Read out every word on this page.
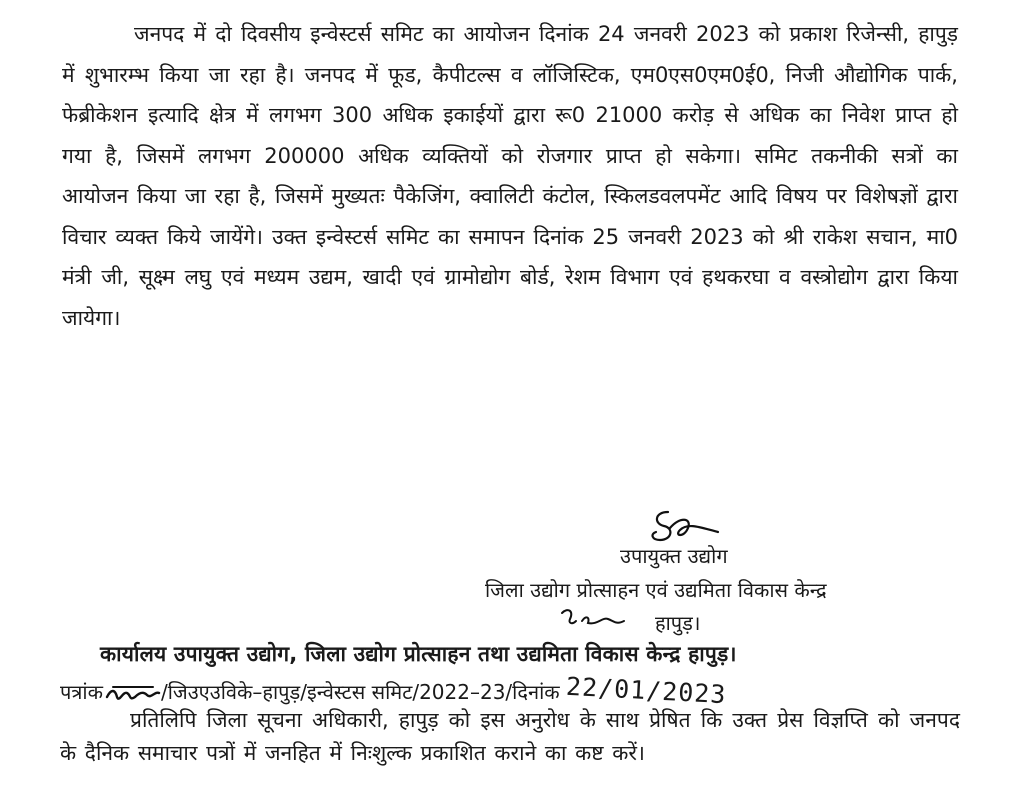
जनपद में दो दिवसीय इन्वेस्टर्स समिट का आयोजन दिनांक 24 जनवरी 2023 को प्रकाश रिजेन्सी, हापुड़ में शुभारम्भ किया जा रहा है। जनपद में फूड, कैपीटल्स व लॉजिस्टिक, एम0एस0एम0ई0, निजी औद्योगिक पार्क, फेब्रीकेशन इत्यादि क्षेत्र में लगभग 300 अधिक इकाईयों द्वारा रू0 21000 करोड़ से अधिक का निवेश प्राप्त हो गया है, जिसमें लगभग 200000 अधिक व्यक्तियों को रोजगार प्राप्त हो सकेगा। समिट तकनीकी सत्रों का आयोजन किया जा रहा है, जिसमें मुख्यतः पैकेजिंग, क्वालिटी कंटोल, स्किलडवलपमेंट आदि विषय पर विशेषज्ञों द्वारा विचार व्यक्त किये जायेंगे। उक्त इन्वेस्टर्स समिट का समापन दिनांक 25 जनवरी 2023 को श्री राकेश सचान, मा0 मंत्री जी, सूक्ष्म लघु एवं मध्यम उद्यम, खादी एवं ग्रामोद्योग बोर्ड, रेशम विभाग एवं हथकरघा व वस्त्रोद्योग द्वारा किया जायेगा।

उपायुक्त उद्योग
जिला उद्योग प्रोत्साहन एवं उद्यमिता विकास केन्द्र
हापुड़।
कार्यालय उपायुक्त उद्योग, जिला उद्योग प्रोत्साहन तथा उद्यमिता विकास केन्द्र हापुड़।
पत्रांक	/जिउएउविके–हापुड़/इन्वेस्टस समिट/2022–23/दिनांक 22/01/2023

प्रतिलिपि जिला सूचना अधिकारी, हापुड़ को इस अनुरोध के साथ प्रेषित कि उक्त प्रेस विज्ञप्ति को जनपद के दैनिक समाचार पत्रों में जनहित में निःशुल्क प्रकाशित कराने का कष्ट करें।
